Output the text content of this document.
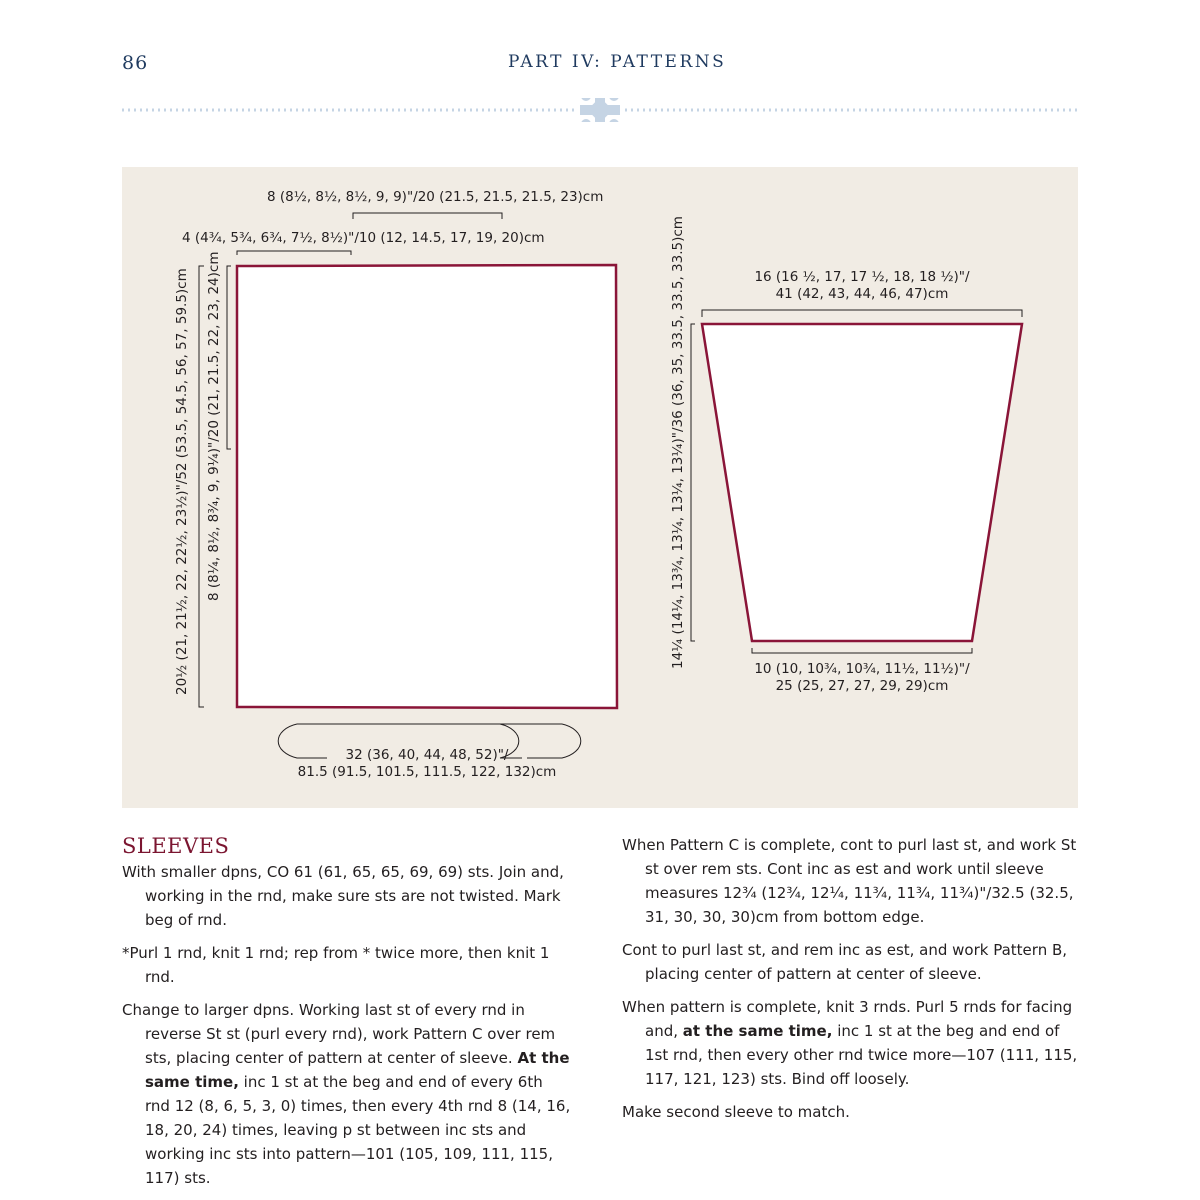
86	PART IV: PATTERNS
8 (8½, 8½, 8½, 9, 9)"/20 (21.5, 21.5, 21.5, 23)cm
4 (4¾, 5¾, 6¾, 7½, 8½)"/10 (12, 14.5, 17, 19, 20)cm
20½ (21, 21½, 22, 22½, 23½)"/52 (53.5, 54.5, 56, 57, 59.5)cm 8 (8¼, 8½, 8¾, 9, 9¼)"/20 (21, 21.5, 22, 23, 24)cm
32 (36, 40, 44, 48, 52)"/
81.5 (91.5, 101.5, 111.5, 122, 132)cm
16 (16 ½, 17, 17 ½, 18, 18 ½)"/
41 (42, 43, 44, 46, 47)cm
14¼ (14¼, 13¾, 13¼, 13¼, 13¼)"/36 (36, 35, 33.5, 33.5, 33.5)cm	10 (10, 10¾, 10¾, 11½, 11½)"/
25 (25, 27, 27, 29, 29)cm
SLEEVES

With smaller dpns, CO 61 (61, 65, 65, 69, 69) sts. Join and, working in the rnd, make sure sts are not twisted. Mark beg of rnd.

*Purl 1 rnd, knit 1 rnd; rep from * twice more, then knit 1 rnd.

Change to larger dpns. Working last st of every rnd in reverse St st (purl every rnd), work Pattern C over rem sts, placing center of pattern at center of sleeve. At the same time, inc 1 st at the beg and end of every 6th rnd 12 (8, 6, 5, 3, 0) times, then every 4th rnd 8 (14, 16, 18, 20, 24) times, leaving p st between inc sts and working inc sts into pattern—101 (105, 109, 111, 115, 117) sts.

When Pattern C is complete, cont to purl last st, and work St st over rem sts. Cont inc as est and work until sleeve measures 12¾ (12¾, 12¼, 11¾, 11¾, 11¾)"/32.5 (32.5, 31, 30, 30, 30)cm from bottom edge.

Cont to purl last st, and rem inc as est, and work Pattern B, placing center of pattern at center of sleeve.

When pattern is complete, knit 3 rnds. Purl 5 rnds for facing and, at the same time, inc 1 st at the beg and end of 1st rnd, then every other rnd twice more—107 (111, 115, 117, 121, 123) sts. Bind off loosely.

Make second sleeve to match.
